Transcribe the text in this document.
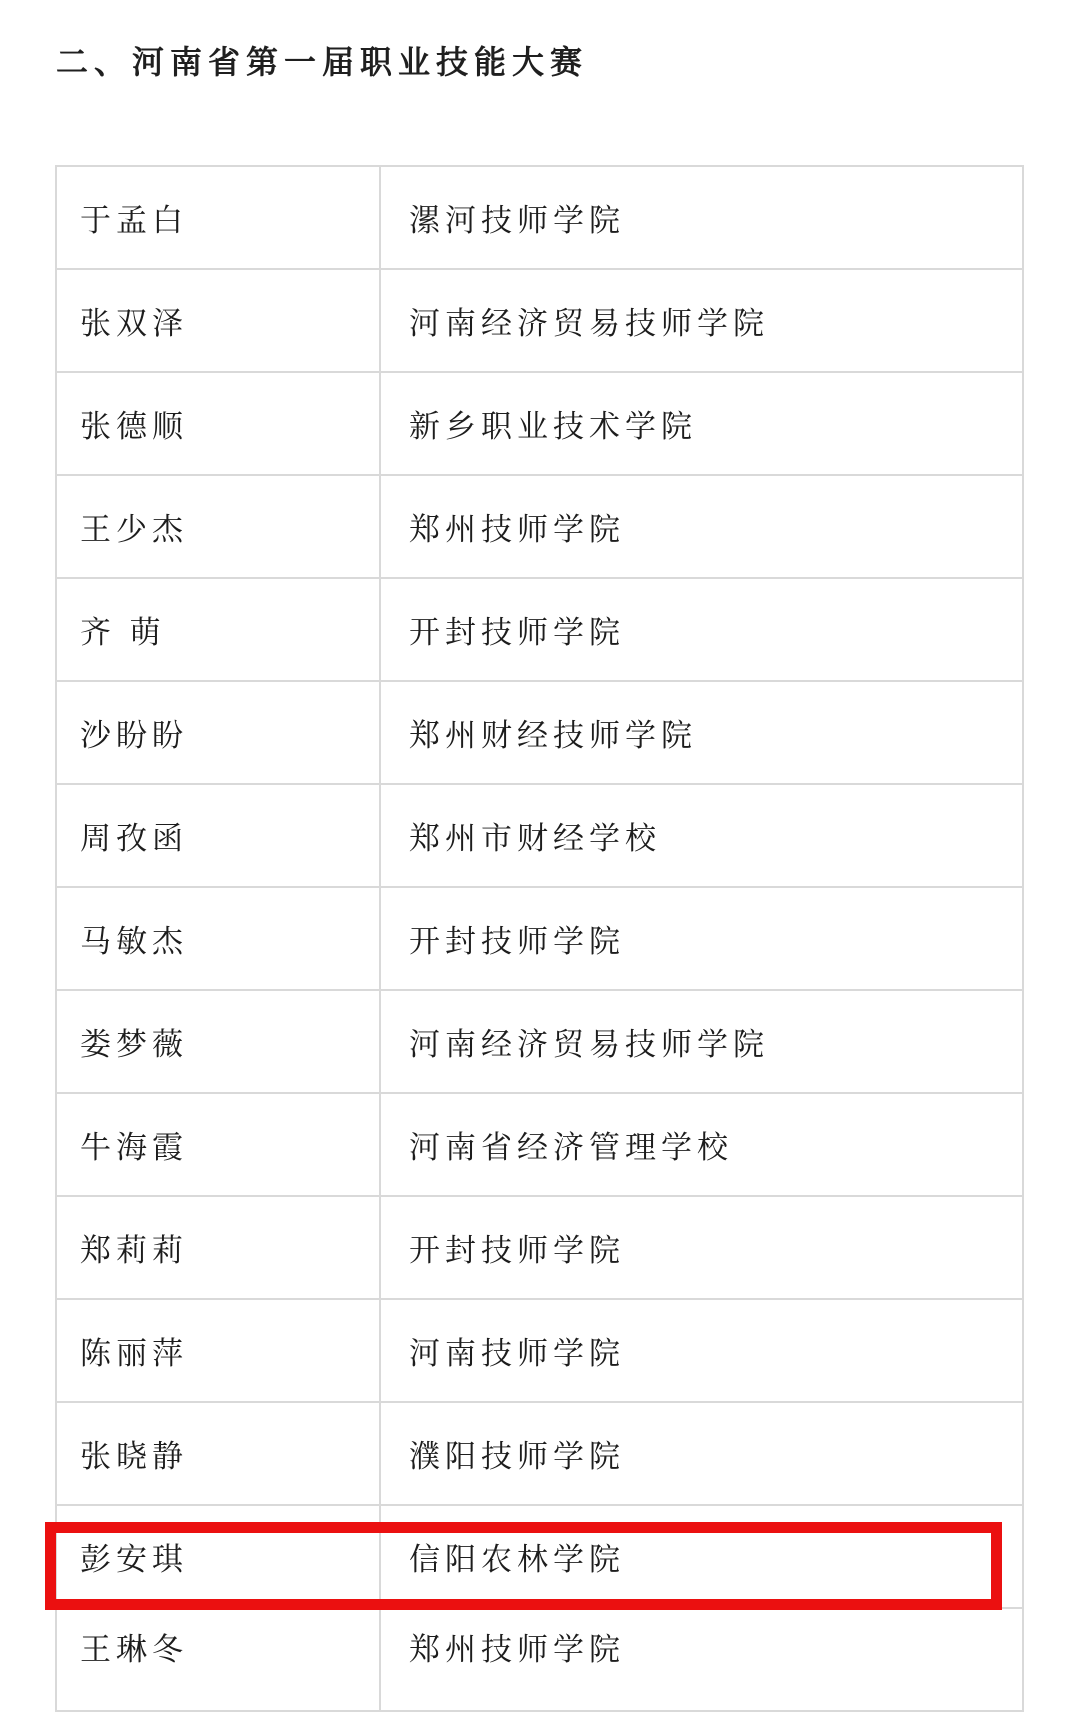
二、河南省第一届职业技能大赛
于孟白	漯河技师学院
张双泽	河南经济贸易技师学院
张德顺	新乡职业技术学院
王少杰	郑州技师学院
齐 萌	开封技师学院
沙盼盼	郑州财经技师学院
周孜函	郑州市财经学校
马敏杰	开封技师学院
娄梦薇	河南经济贸易技师学院
牛海霞	河南省经济管理学校
郑莉莉	开封技师学院
陈丽萍	河南技师学院
张晓静	濮阳技师学院
彭安琪	信阳农林学院
王琳冬	郑州技师学院
